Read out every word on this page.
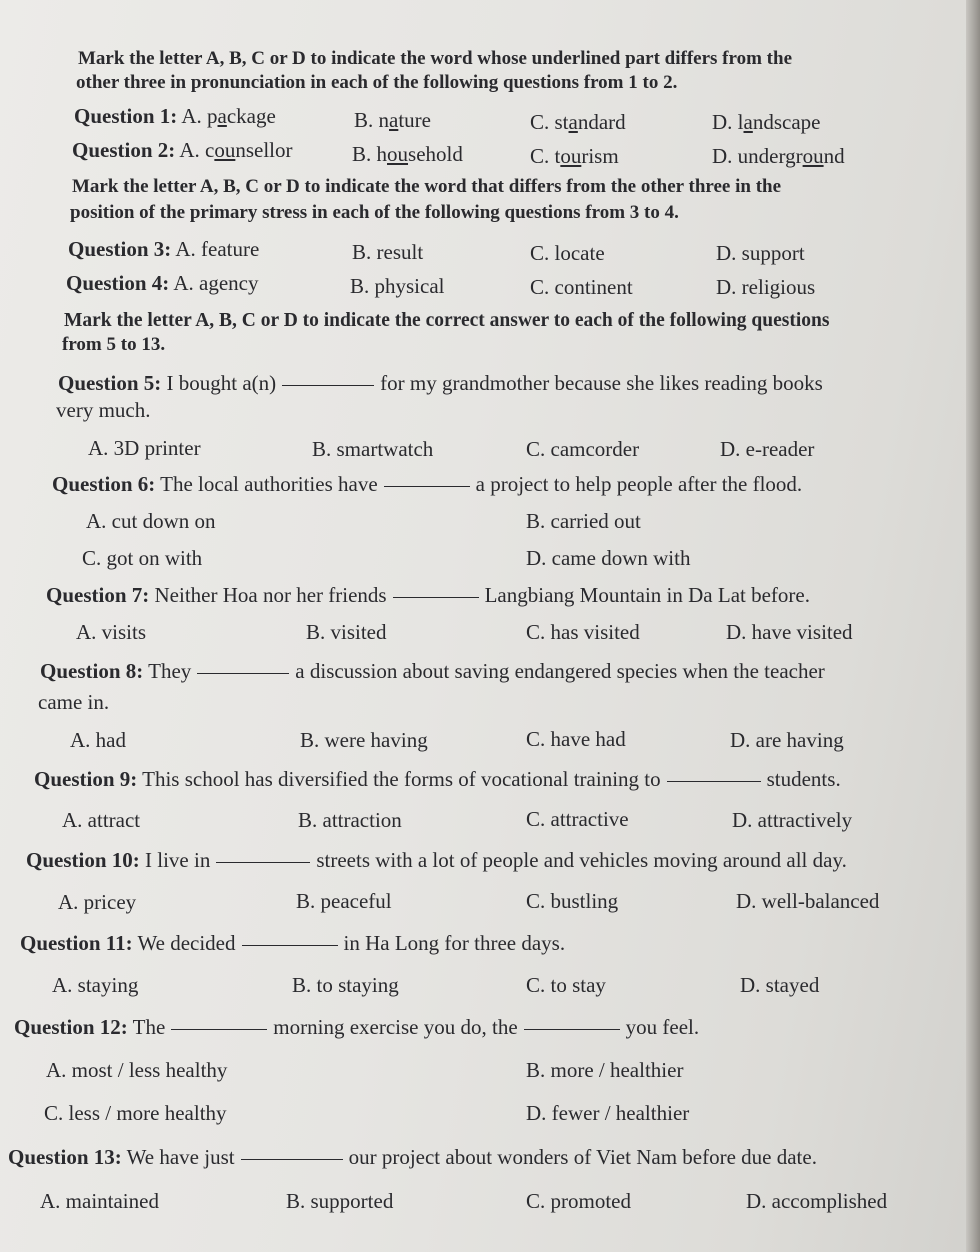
Mark the letter A, B, C or D to indicate the word whose underlined part differs from the
other three in pronunciation in each of the following questions from 1 to 2.
Question 1: A. package	B. nature	C. standard	D. landscape
Question 2: A. counsellor	B. household	C. tourism	D. underground
Mark the letter A, B, C or D to indicate the word that differs from the other three in the
position of the primary stress in each of the following questions from 3 to 4.
Question 3: A. feature	B. result	C. locate	D. support
Question 4: A. agency	B. physical	C. continent	D. religious
Mark the letter A, B, C or D to indicate the correct answer to each of the following questions
from 5 to 13.
Question 5: I bought a(n)	for my grandmother because she likes reading books
very much.
A. 3D printer	B. smartwatch	C. camcorder	D. e-reader
Question 6: The local authorities have	a project to help people after the flood.
A. cut down on	B. carried out
C. got on with	D. came down with
Question 7: Neither Hoa nor her friends	Langbiang Mountain in Da Lat before.
A. visits	B. visited	C. has visited	D. have visited
Question 8: They	a discussion about saving endangered species when the teacher
came in.
A. had	B. were having	C. have had	D. are having
Question 9: This school has diversified the forms of vocational training to	students.
A. attract	B. attraction	C. attractive	D. attractively
Question 10: I live in	streets with a lot of people and vehicles moving around all day.
A. pricey	B. peaceful	C. bustling	D. well-balanced
Question 11: We decided	in Ha Long for three days.
A. staying	B. to staying	C. to stay	D. stayed
Question 12: The	morning exercise you do, the	you feel.
A. most / less healthy	B. more / healthier
C. less / more healthy	D. fewer / healthier
Question 13: We have just	our project about wonders of Viet Nam before due date.
A. maintained	B. supported	C. promoted	D. accomplished
